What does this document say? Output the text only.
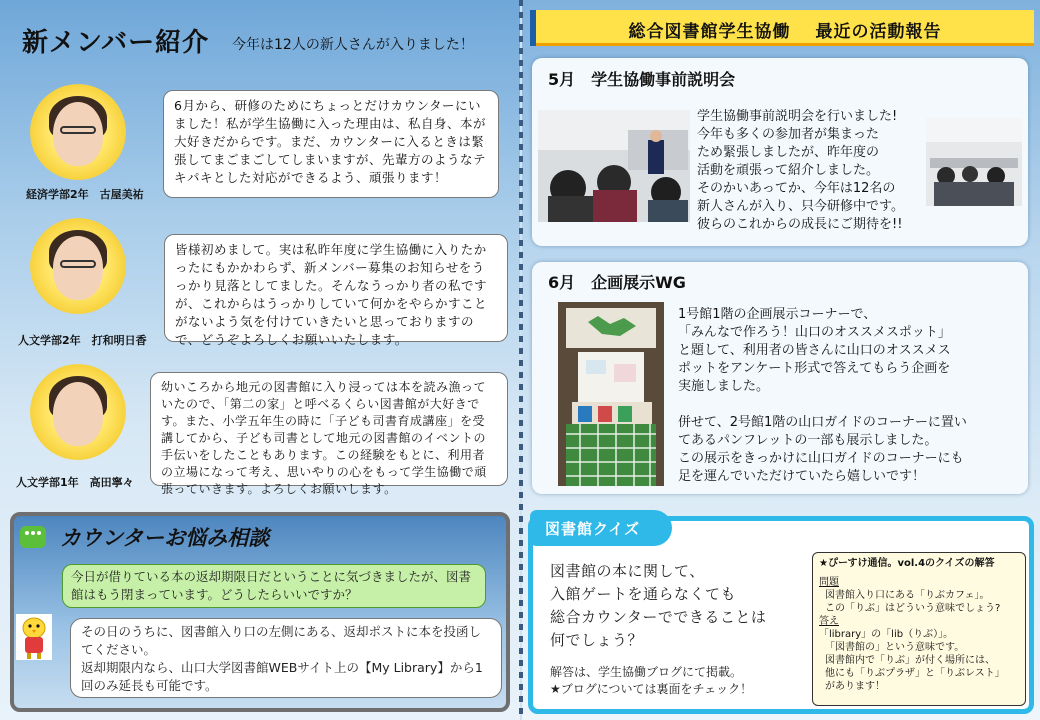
新メンバー紹介 今年は12人の新人さんが入りました！
経済学部2年　古屋美祐
6月から、研修のためにちょっとだけカウンターにいました！私が学生協働に入った理由は、私自身、本が大好きだからです。まだ、カウンターに入るときは緊張してまごまごしてしまいますが、先輩方のようなテキパキとした対応ができるよう、頑張ります！
人文学部2年　打和明日香
皆様初めまして。実は私昨年度に学生協働に入りたかったにもかかわらず、新メンバー募集のお知らせをうっかり見落としてました。そんなうっかり者の私ですが、これからはうっかりしていて何かをやらかすことがないよう気を付けていきたいと思っておりますので、どうぞよろしくお願いいたします。
人文学部1年　高田寧々
幼いころから地元の図書館に入り浸っては本を読み漁っていたので、「第二の家」と呼べるくらい図書館が大好きです。また、小学五年生の時に「子ども司書育成講座」を受講してから、子ども司書として地元の図書館のイベントの手伝いをしたこともあります。この経験をもとに、利用者の立場になって考え、思いやりの心をもって学生協働で頑張っていきます。よろしくお願いします。
カウンターお悩み相談
今日が借りている本の返却期限日だということに気づきましたが、図書館はもう閉まっています。どうしたらいいですか？
その日のうちに、図書館入り口の左側にある、返却ポストに本を投函してください。
返却期限内なら、山口大学図書館WEBサイト上の【My Library】から1回のみ延長も可能です。
総合図書館学生協働　 最近の活動報告
5月　学生協働事前説明会
学生協働事前説明会を行いました!
今年も多くの参加者が集まった
ため緊張しましたが、昨年度の
活動を頑張って紹介しました。
そのかいあってか、今年は12名の
新人さんが入り、只今研修中です。
彼らのこれからの成長にご期待を!!
6月　企画展示WG
1号館1階の企画展示コーナーで、
「みんなで作ろう！山口のオススメスポット」
と題して、利用者の皆さんに山口のオススメス
ポットをアンケート形式で答えてもらう企画を
実施しました。
併せて、2号館1階の山口ガイドのコーナーに置い
てあるパンフレットの一部も展示しました。
この展示をきっかけに山口ガイドのコーナーにも
足を運んでいただけていたら嬉しいです！
図書館クイズ
図書館の本に関して、
入館ゲートを通らなくても
総合カウンターでできることは
何でしょう？
解答は、学生協働ブログにて掲載。
★ブログについては裏面をチェック！
★ぴーすけ通信。vol.4のクイズの解答
問題
図書館入り口にある「りぶカフェ」。
この「りぶ」はどういう意味でしょう?
答え
「library」の「lib（りぶ）」。
「図書館の」という意味です。
図書館内で「りぶ」が付く場所には、
他にも「りぶプラザ」と「りぶレスト」
があります！
